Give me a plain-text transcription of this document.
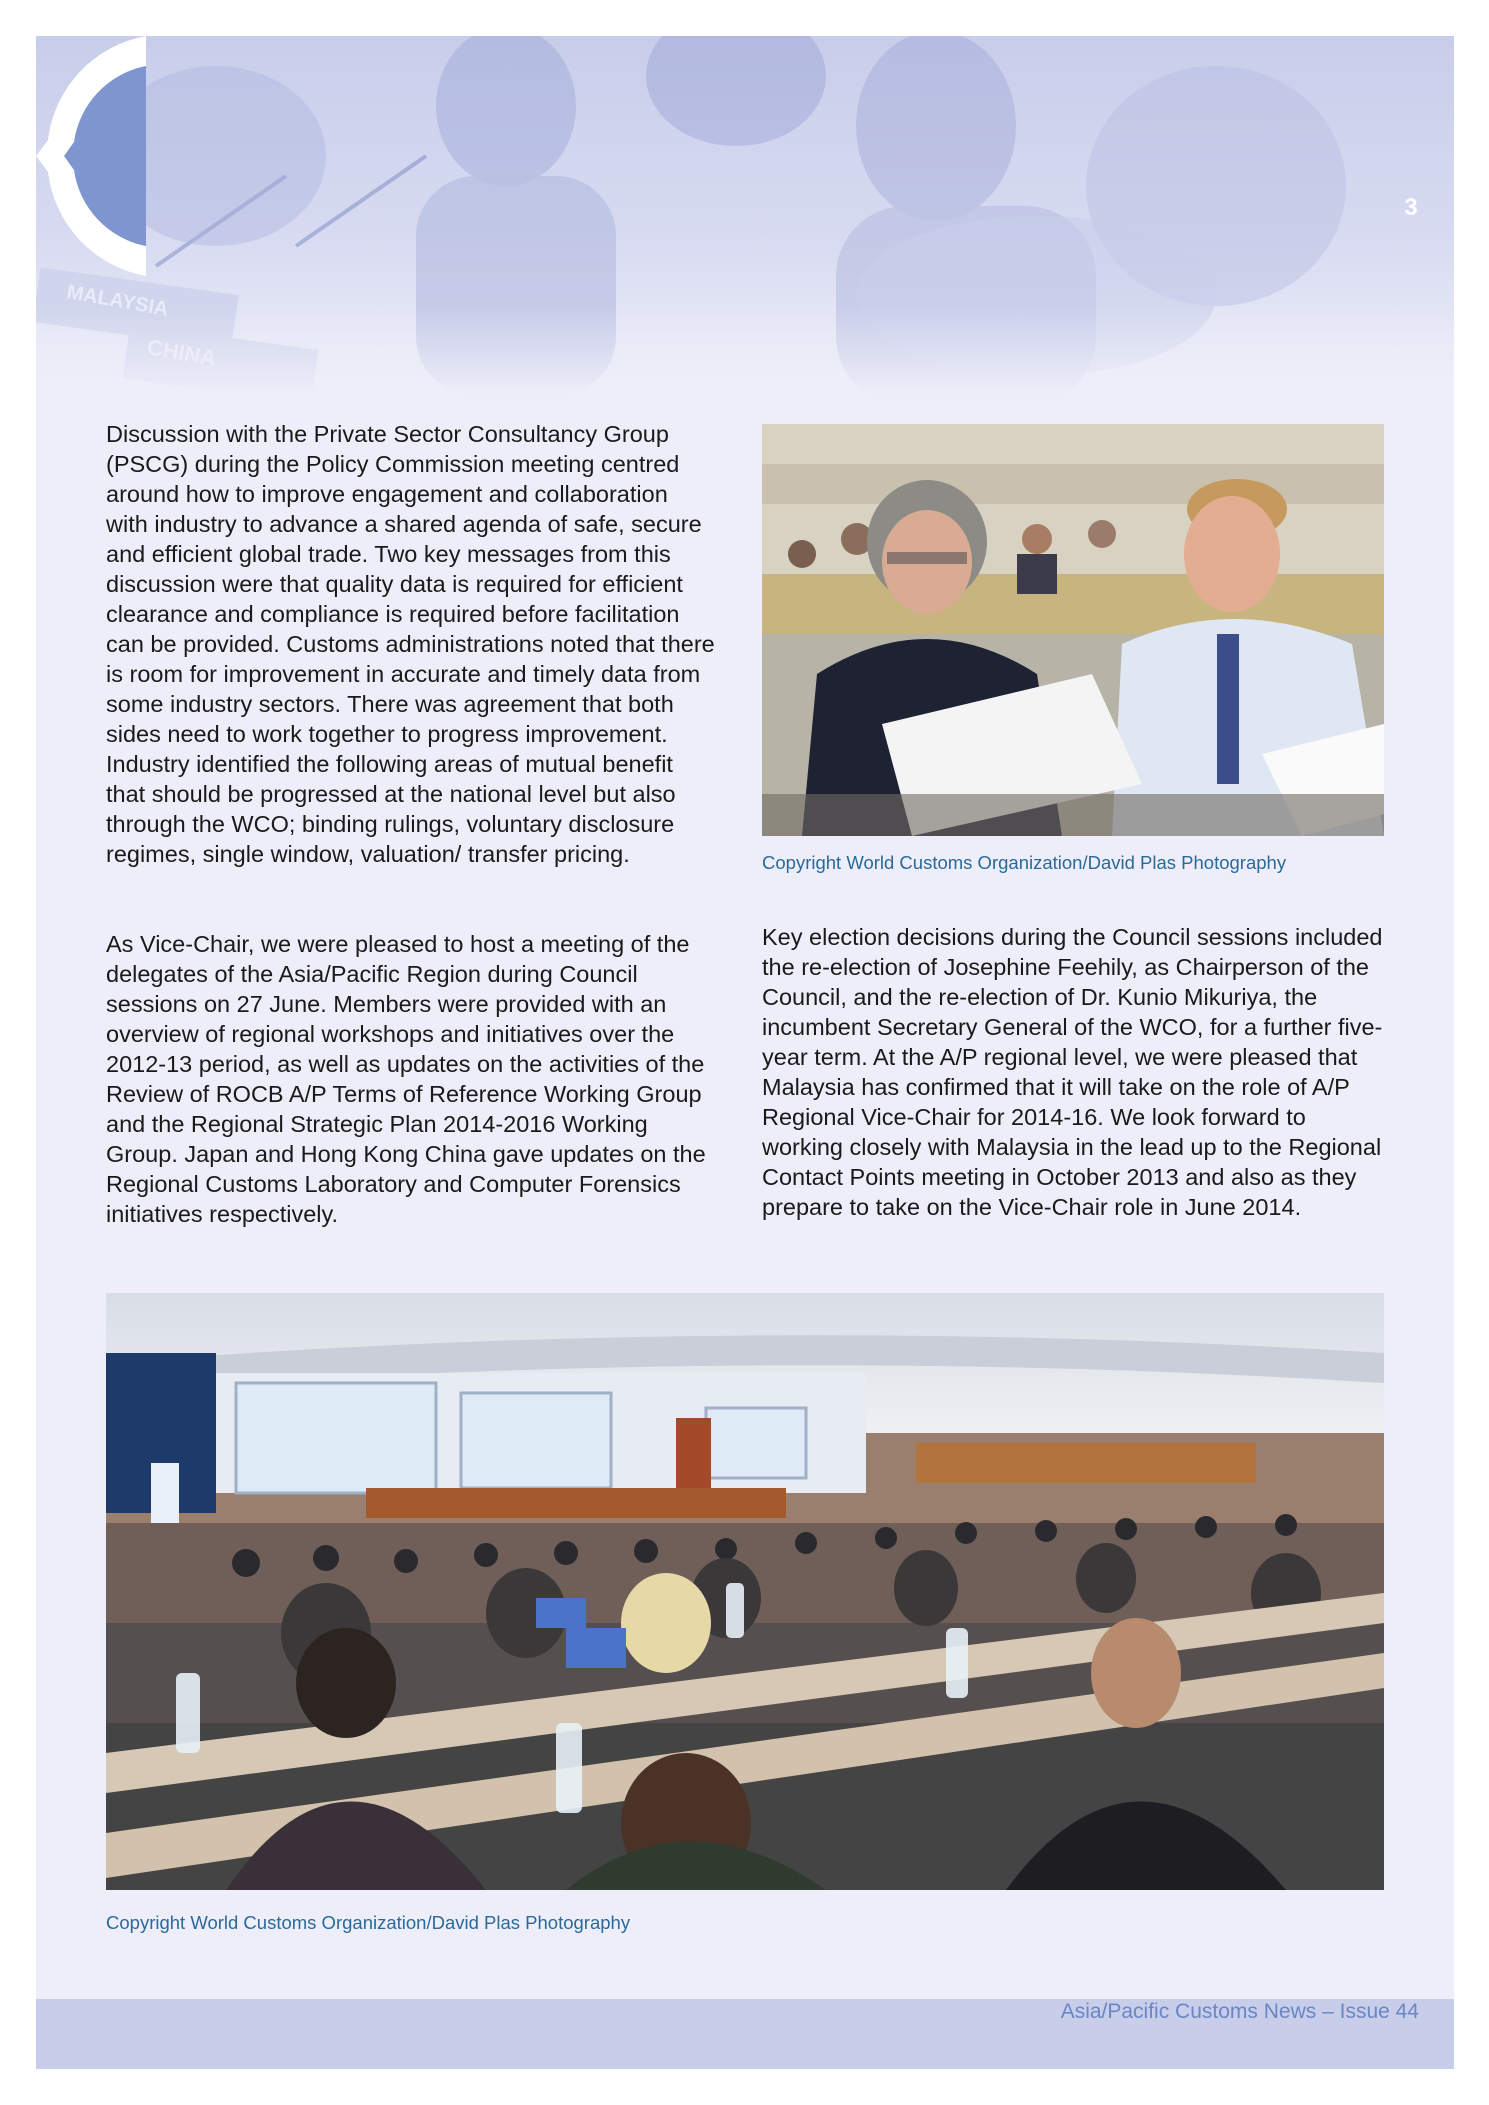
3

Discussion with the Private Sector Consultancy Group (PSCG) during the Policy Commission meeting centred around how to improve engagement and collaboration with industry to advance a shared agenda of safe, secure and efficient global trade. Two key messages from this discussion were that quality data is required for efficient clearance and compliance is required before facilitation can be provided. Customs administrations noted that there is room for improvement in accurate and timely data from some industry sectors. There was agreement that both sides need to work together to progress improvement. Industry identified the following areas of mutual benefit that should be progressed at the national level but also through the WCO; binding rulings, voluntary disclosure regimes, single window, valuation/ transfer pricing.

As Vice-Chair, we were pleased to host a meeting of the delegates of the Asia/Pacific Region during Council sessions on 27 June. Members were provided with an overview of regional workshops and initiatives over the 2012-13 period, as well as updates on the activities of the Review of ROCB A/P Terms of Reference Working Group and the Regional Strategic Plan 2014-2016 Working Group. Japan and Hong Kong China gave updates on the Regional Customs Laboratory and Computer Forensics initiatives respectively.

Copyright World Customs Organization/David Plas Photography

Key election decisions during the Council sessions included the re-election of Josephine Feehily, as Chairperson of the Council, and the re-election of Dr. Kunio Mikuriya, the incumbent Secretary General of the WCO, for a further five-year term. At the A/P regional level, we were pleased that Malaysia has confirmed that it will take on the role of A/P Regional Vice-Chair for 2014-16. We look forward to working closely with Malaysia in the lead up to the Regional Contact Points meeting in October 2013 and also as they prepare to take on the Vice-Chair role in June 2014.

Copyright World Customs Organization/David Plas Photography
Asia/Pacific Customs News – Issue 44
